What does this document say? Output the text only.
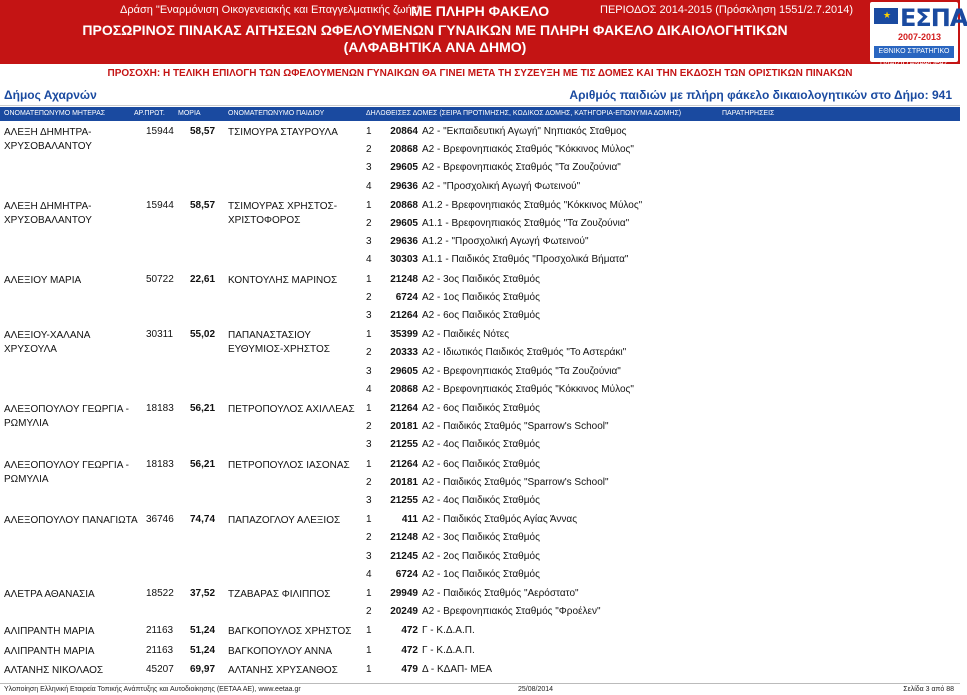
Δράση "Εναρμόνιση Οικογενειακής και Επαγγελματικής ζωής"
ΜΕ ΠΛΗΡΗ ΦΑΚΕΛΟ	ΠΕΡΙΟΔΟΣ 2014-2015 (Πρόσκληση 1551/2.7.2014)
ΠΡΟΣΩΡΙΝΟΣ ΠΙΝΑΚΑΣ ΑΙΤΗΣΕΩΝ ΩΦΕΛΟΥΜΕΝΩΝ ΓΥΝΑΙΚΩΝ ΜΕ ΠΛΗΡΗ ΦΑΚΕΛΟ ΔΙΚΑΙΟΛΟΓΗΤΙΚΩΝ
(ΑΛΦΑΒΗΤΙΚΑ ΑΝΑ ΔΗΜΟ)
★ ΕΣΠΑ
2007-2013
ΕΘΝΙΚΟ ΣΤΡΑΤΗΓΙΚΟ
ΠΡΟΣΟΧΗ: Η ΤΕΛΙΚΗ ΕΠΙΛΟΓΗ ΤΩΝ ΩΦΕΛΟΥΜΕΝΩΝ ΓΥΝΑΙΚΩΝ ΘΑ ΓΙΝΕΙ ΜΕΤΑ ΤΗ ΣΥΖΕΥΞΗ ΜΕ ΤΙΣ ΔΟΜΕΣ ΚΑΙ ΤΗΝ ΕΚΔΟΣΗ ΤΩΝ ΟΡΙΣΤΙΚΩΝ ΠΙΝΑΚΩΝ
Δήμος Αχαρνών	Αριθμός παιδιών με πλήρη φάκελο δικαιολογητικών στο Δήμο: 941
ΟΝΟΜΑΤΕΠΩΝΥΜΟ ΜΗΤΕΡΑΣ	ΑΡ.ΠΡΩΤ. ΜΟΡΙΑ	ΟΝΟΜΑΤΕΠΩΝΥΜΟ ΠΑΙΔΙΟΥ	ΔΗΛΩΘΕΙΣΕΣ ΔΟΜΕΣ (ΣΕΙΡΑ ΠΡΟΤΙΜΗΣΗΣ, ΚΩΔΙΚΟΣ ΔΟΜΗΣ, ΚΑΤΗΓΟΡΙΑ-ΕΠΩΝΥΜΙΑ ΔΟΜΗΣ)	ΠΑΡΑΤΗΡΗΣΕΙΣ
ΑΛΕΞΗ ΔΗΜΗΤΡΑ-ΧΡΥΣΟΒΑΛΑΝΤΟΥ
15944 58,57 ΤΣΙΜΟΥΡΑ ΣΤΑΥΡΟΥΛΑ	1	20864 Α2 - "Εκπαιδευτική Αγωγή" Νηπιακός Σταθμος
2	20868 Α2 - Βρεφονηπιακός Σταθμός "Κόκκινος Μύλος"
3	29605 Α2 - Βρεφονηπιακός Σταθμός "Τα Ζουζούνια"
4	29636 Α2 - "Προσχολική Αγωγή Φωτεινού"
ΑΛΕΞΗ ΔΗΜΗΤΡΑ-ΧΡΥΣΟΒΑΛΑΝΤΟΥ
15944 58,57 ΤΣΙΜΟΥΡΑΣ ΧΡΗΣΤΟΣ-ΧΡΙΣΤΟΦΟΡΟΣ
1	20868 Α1.2 - Βρεφονηπιακός Σταθμός "Κόκκινος Μύλος"
2	29605 Α1.1 - Βρεφονηπιακός Σταθμός "Τα Ζουζούνια"
3	29636 Α1.2 - "Προσχολική Αγωγή Φωτεινού"
4	30303 Α1.1 - Παιδικός Σταθμός "Προσχολικά Βήματα"
ΑΛΕΞΙΟΥ ΜΑΡΙΑ	50722 22,61 ΚΟΝΤΟΥΛΗΣ ΜΑΡΙΝΟΣ	1	21248 Α2 - 3ος Παιδικός Σταθμός
2	6724 Α2 - 1ος Παιδικός Σταθμός
3	21264 Α2 - 6ος Παιδικός Σταθμός
ΑΛΕΞΙΟΥ-ΧΑΛΑΝΑ ΧΡΥΣΟΥΛΑ
30311 55,02 ΠΑΠΑΝΑΣΤΑΣΙΟΥ ΕΥΘΥΜΙΟΣ-ΧΡΗΣΤΟΣ
1	35399 Α2 - Παιδικές Νότες
2	20333 Α2 - Ιδιωτικός Παιδικός Σταθμός "Το Αστεράκι"
3	29605 Α2 - Βρεφονηπιακός Σταθμός "Τα Ζουζούνια"
4	20868 Α2 - Βρεφονηπιακός Σταθμός "Κόκκινος Μύλος"
ΑΛΕΞΟΠΟΥΛΟΥ ΓΕΩΡΓΙΑ - ΡΩΜΥΛΙΑ
18183 56,21 ΠΕΤΡΟΠΟΥΛΟΣ ΑΧΙΛΛΕΑΣ	1	21264 Α2 - 6ος Παιδικός Σταθμός
2	20181 Α2 - Παιδικός Σταθμός "Sparrow's School"
3	21255 Α2 - 4ος Παιδικός Σταθμός
ΑΛΕΞΟΠΟΥΛΟΥ ΓΕΩΡΓΙΑ - ΡΩΜΥΛΙΑ
18183 56,21 ΠΕΤΡΟΠΟΥΛΟΣ ΙΑΣΟΝΑΣ	1	21264 Α2 - 6ος Παιδικός Σταθμός
2	20181 Α2 - Παιδικός Σταθμός "Sparrow's School"
3	21255 Α2 - 4ος Παιδικός Σταθμός
ΑΛΕΞΟΠΟΥΛΟΥ ΠΑΝΑΓΙΩΤΑ 36746 74,74 ΠΑΠΑΖΟΓΛΟΥ ΑΛΕΞΙΟΣ	1	411 Α2 - Παιδικός Σταθμός Αγίας Άννας
2	21248 Α2 - 3ος Παιδικός Σταθμός
3	21245 Α2 - 2ος Παιδικός Σταθμός
4	6724 Α2 - 1ος Παιδικός Σταθμός
ΑΛΕΤΡΑ ΑΘΑΝΑΣΙΑ	18522 37,52 ΤΖΑΒΑΡΑΣ ΦΙΛΙΠΠΟΣ	1	29949 Α2 - Παιδικός Σταθμός "Αερόστατο"
2	20249 Α2 - Βρεφονηπιακός Σταθμός "Φροέλεν"
ΑΛΙΠΡΑΝΤΗ ΜΑΡΙΑ	21163 51,24 ΒΑΓΚΟΠΟΥΛΟΣ ΧΡΗΣΤΟΣ	1	472 Γ - Κ.Δ.Α.Π.
ΑΛΙΠΡΑΝΤΗ ΜΑΡΙΑ	21163 51,24 ΒΑΓΚΟΠΟΥΛΟΥ ΑΝΝΑ	1	472 Γ - Κ.Δ.Α.Π.
ΑΛΤΑΝΗΣ ΝΙΚΟΛΑΟΣ	45207 69,97 ΑΛΤΑΝΗΣ ΧΡΥΣΑΝΘΟΣ	1	479 Δ - ΚΔΑΠ- ΜΕΑ
Υλοποίηση Ελληνική Εταιρεία Τοπικής Ανάπτυξης και Αυτοδιοίκησης (ΕΕΤΑΑ ΑΕ), www.eetaa.gr	25/08/2014	Σελίδα 3 από 88
